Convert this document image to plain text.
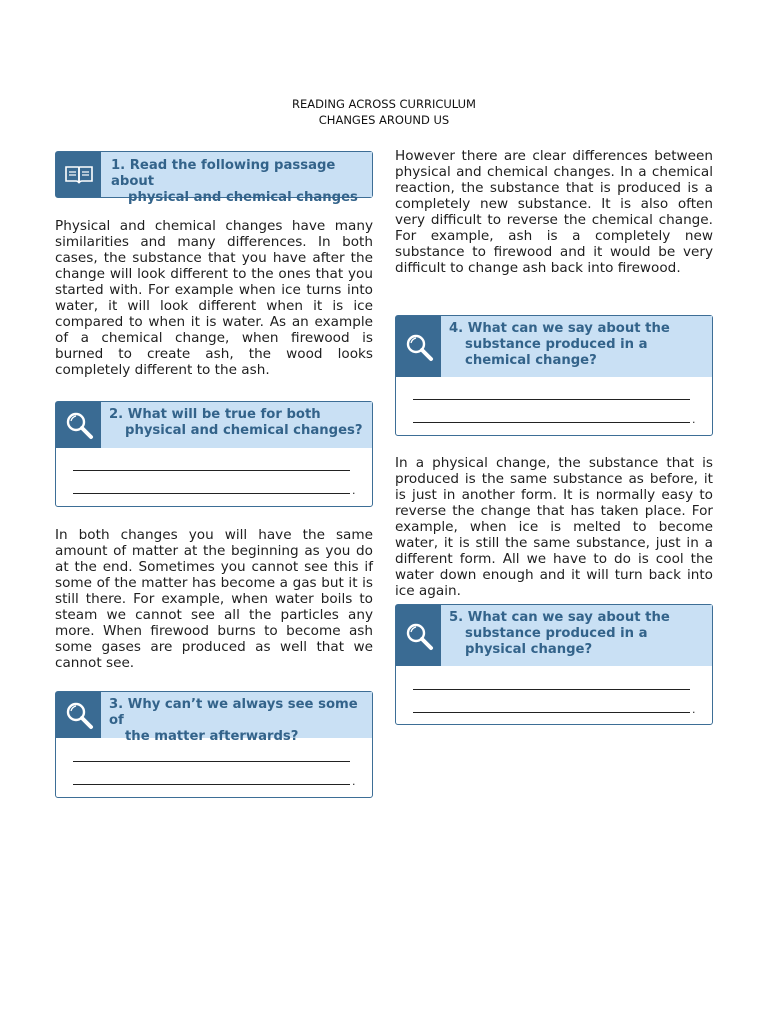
READING ACROSS CURRICULUM
CHANGES AROUND US
1. Read the following passage about
physical and chemical changes
Physical and chemical changes have many similarities and many differences. In both cases, the substance that you have after the change will look different to the ones that you started with. For example when ice turns into water, it will look different when it is ice compared to when it is water. As an example of a chemical change, when firewood is burned to create ash, the wood looks completely different to the ash.
2. What will be true for both
physical and chemical changes?
.
In both changes you will have the same amount of matter at the beginning as you do at the end. Sometimes you cannot see this if some of the matter has become a gas but it is still there. For example, when water boils to steam we cannot see all the particles any more. When firewood burns to become ash some gases are produced as well that we cannot see.
3. Why can’t we always see some of
the matter afterwards?
.
However there are clear differences between physical and chemical changes. In a chemical reaction, the substance that is produced is a completely new substance. It is also often very difficult to reverse the chemical change. For example, ash is a completely new substance to firewood and it would be very difficult to change ash back into firewood.
4. What can we say about the
substance produced in a
chemical change?
.
In a physical change, the substance that is produced is the same substance as before, it is just in another form. It is normally easy to reverse the change that has taken place. For example, when ice is melted to become water, it is still the same substance, just in a different form. All we have to do is cool the water down enough and it will turn back into ice again.
5. What can we say about the
substance produced in a
physical change?
.
